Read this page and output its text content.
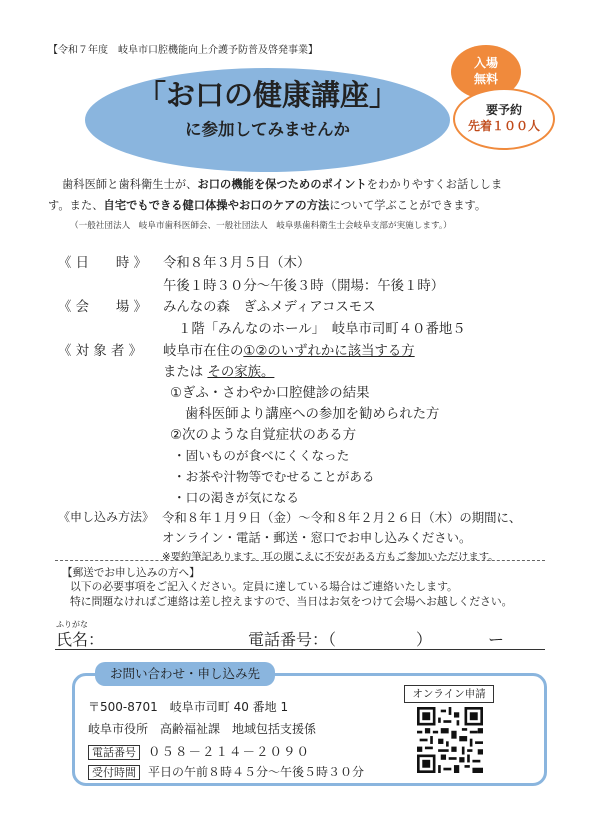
【令和７年度　岐阜市口腔機能向上介護予防普及啓発事業】
「お口の健康講座」
に参加してみませんか
入場
無料
要予約
先着１００人
歯科医師と歯科衛生士が、お口の機能を保つためのポイントをわかりやすくお話ししま
す。また、自宅でもできる健口体操やお口のケアの方法について学ぶことができます。
（一般社団法人　岐阜市歯科医師会、一般社団法人　岐阜県歯科衛生士会岐阜支部が実施します。）
《 日　　時 》 令和８年３月５日（木）
午後１時３０分～午後３時（開場：午後１時）
《 会　　場 》 みんなの森　ぎふメディアコスモス
１階「みんなのホール」　岐阜市司町４０番地５
《 対 象 者 》 岐阜市在住の①②のいずれかに該当する方
または その家族。
①ぎふ・さわやか口腔健診の結果
歯科医師より講座への参加を勧められた方
②次のような自覚症状のある方
・固いものが食べにくくなった
・お茶や汁物等でむせることがある
・口の渇きが気になる
《申し込み方法》 令和８年１月９日（金）～令和８年２月２６日（木）の期間に、
オンライン・電話・郵送・窓口でお申し込みください。
※要約筆記あります。耳の聞こえに不安がある方もご参加いただけます。
【郵送でお申し込みの方へ】
以下の必要事項をご記入ください。定員に達している場合はご連絡いたします。
特に問題なければご連絡は差し控えますので、当日はお気をつけて会場へお越しください。
ふりがな
氏名：	電話番号：（　　　　　）　　　　ー
お問い合わせ・申し込み先
〒500-8701　岐阜市司町 40 番地 1
岐阜市役所　高齢福祉課　地域包括支援係
電話番号 ０５８－２１４－２０９０
受付時間 平日の午前８時４５分～午後５時３０分
オンライン申請
